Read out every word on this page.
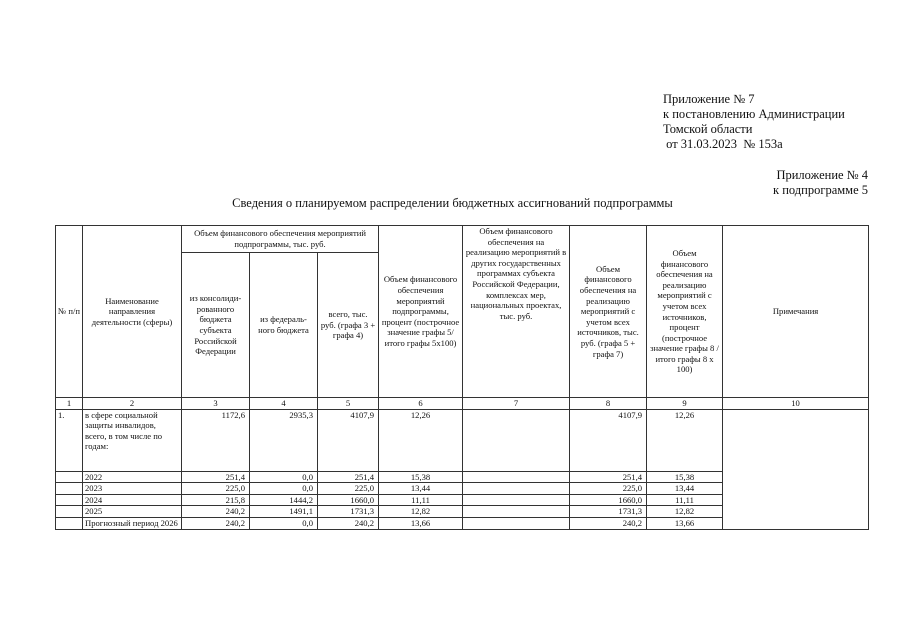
Приложение № 7
к постановлению Администрации
Томской области
от 31.03.2023  № 153а
Приложение № 4
к подпрограмме 5
Сведения о планируемом распределении бюджетных ассигнований подпрограммы
№ п/п	Наименование направления деятельности (сферы)	Объем финансового обеспечения мероприятий подпрограммы, тыс. руб.			Объем финансового обеспечения мероприятий подпрограммы, процент (построчное значение графы 5/ итого графы 5х100)	Объем финансового обеспечения на реализацию мероприятий в других государственных программах субъекта Российской Федерации, комплексах мер, национальных проектах, тыс. руб.	Объем финансового обеспечения на реализацию мероприятий с учетом всех источников, тыс. руб. (графа 5 + графа 7)	Объем финансового обеспечения на реализацию мероприятий с учетом всех источников, процент (построчное значение графы 8 / итого графы 8 х 100)	Примечания
		из консолиди-рованного бюджета субъекта Российской Федерации	из федераль-ного бюджета	всего, тыс. руб. (графа 3 + графа 4)					
1	2	3	4	5	6	7	8	9	10
1.	в сфере социальной защиты инвалидов, всего, в том числе по годам:	1172,6	2935,3	4107,9	12,26		4107,9	12,26	
	2022	251,4	0,0	251,4	15,38		251,4	15,38	
	2023	225,0	0,0	225,0	13,44		225,0	13,44	
	2024	215,8	1444,2	1660,0	11,11		1660,0	11,11	
	2025	240,2	1491,1	1731,3	12,82		1731,3	12,82	
	Прогнозный период 2026	240,2	0,0	240,2	13,66		240,2	13,66	
